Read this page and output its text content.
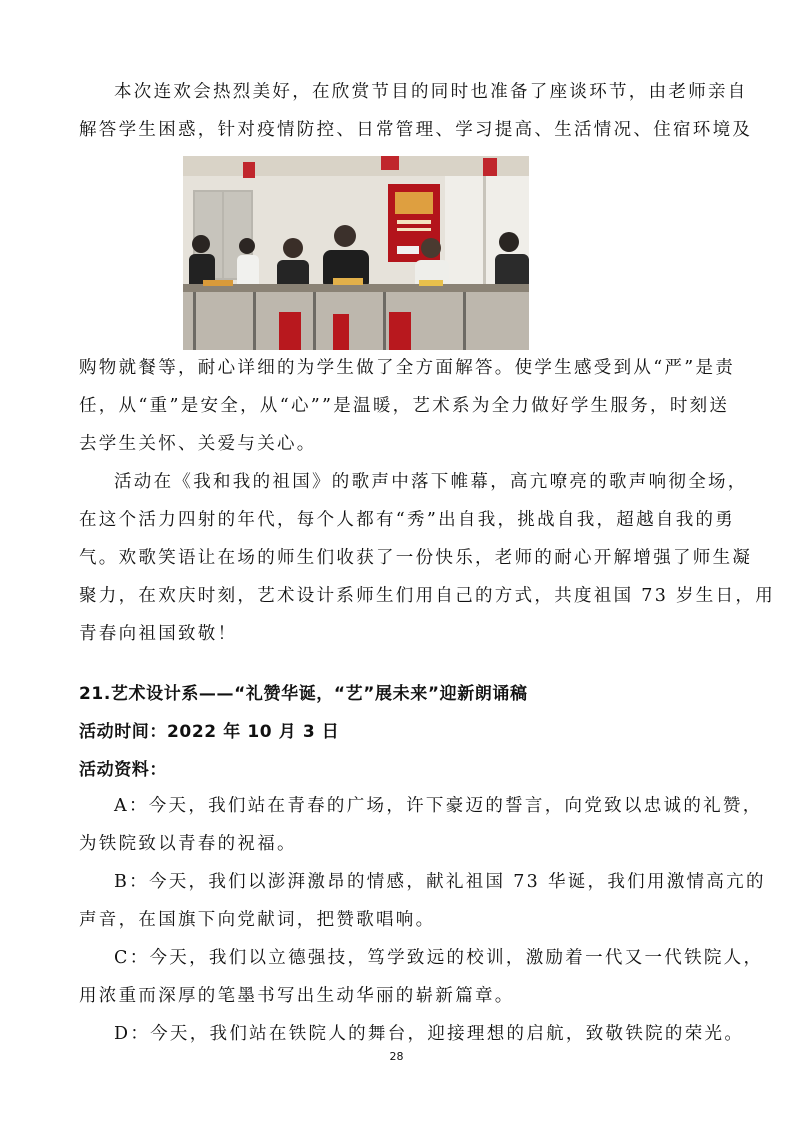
本次连欢会热烈美好，在欣赏节目的同时也准备了座谈环节，由老师亲自
解答学生困惑，针对疫情防控、日常管理、学习提高、生活情况、住宿环境及
购物就餐等，耐心详细的为学生做了全方面解答。使学生感受到从“严”是责
任，从“重”是安全，从“心””是温暖，艺术系为全力做好学生服务，时刻送
去学生关怀、关爱与关心。
活动在《我和我的祖国》的歌声中落下帷幕，高亢嘹亮的歌声响彻全场，
在这个活力四射的年代，每个人都有“秀”出自我，挑战自我，超越自我的勇
气。欢歌笑语让在场的师生们收获了一份快乐，老师的耐心开解增强了师生凝
聚力，在欢庆时刻，艺术设计系师生们用自己的方式，共度祖国 73 岁生日，用
青春向祖国致敬！
21.艺术设计系——“礼赞华诞，“艺”展未来”迎新朗诵稿
活动时间：2022 年 10 月 3 日
活动资料：
A：今天，我们站在青春的广场，许下豪迈的誓言，向党致以忠诚的礼赞，
为铁院致以青春的祝福。
B：今天，我们以澎湃激昂的情感，献礼祖国 73 华诞，我们用激情高亢的
声音，在国旗下向党献词，把赞歌唱响。
C：今天，我们以立德强技，笃学致远的校训，激励着一代又一代铁院人，
用浓重而深厚的笔墨书写出生动华丽的崭新篇章。
D：今天，我们站在铁院人的舞台，迎接理想的启航，致敬铁院的荣光。
28
